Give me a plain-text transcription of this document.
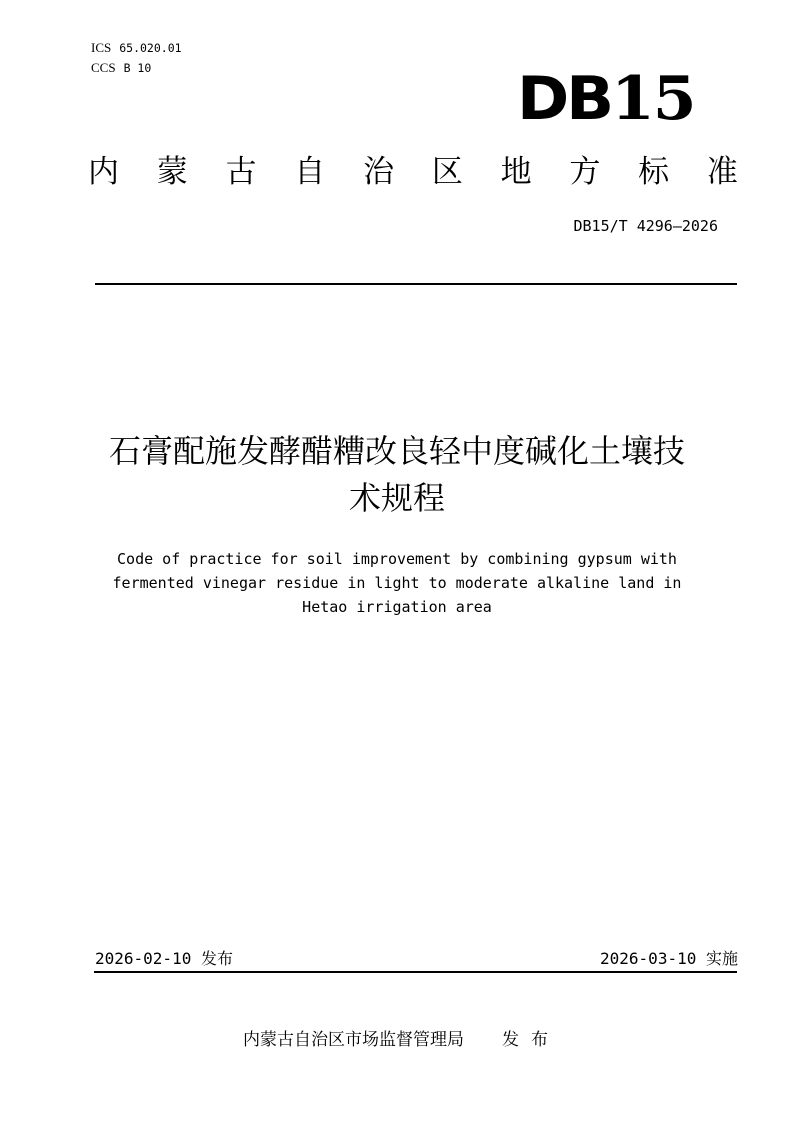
ICS 65.020.01
CCS B 10	DB15
内 蒙 古 自 治 区 地 方 标 准
DB15/T 4296—2026
石膏配施发酵醋糟改良轻中度碱化土壤技
术规程
Code of practice for soil improvement by combining gypsum with
fermented vinegar residue in light to moderate alkaline land in
Hetao irrigation area
2026-02-10 发布	2026-03-10 实施
内蒙古自治区市场监督管理局 发布
